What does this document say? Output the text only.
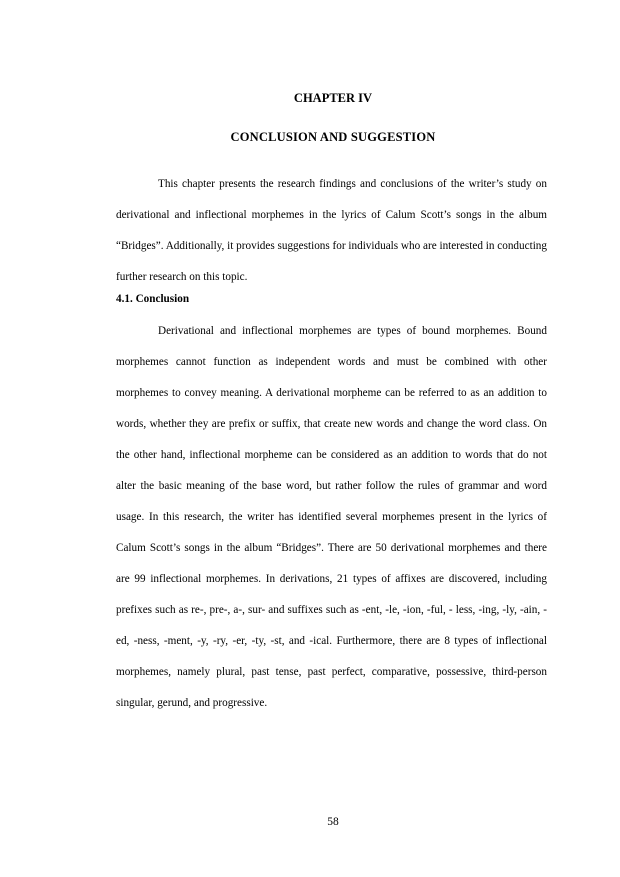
CHAPTER IV
CONCLUSION AND SUGGESTION

This chapter presents the research findings and conclusions of the writer’s study on derivational and inflectional morphemes in the lyrics of Calum Scott’s songs in the album “Bridges”. Additionally, it provides suggestions for individuals who are interested in conducting further research on this topic.

4.1. Conclusion

Derivational and inflectional morphemes are types of bound morphemes. Bound morphemes cannot function as independent words and must be combined with other morphemes to convey meaning. A derivational morpheme can be referred to as an addition to words, whether they are prefix or suffix, that create new words and change the word class. On the other hand, inflectional morpheme can be considered as an addition to words that do not alter the basic meaning of the base word, but rather follow the rules of grammar and word usage. In this research, the writer has identified several morphemes present in the lyrics of Calum Scott’s songs in the album “Bridges”. There are 50 derivational morphemes and there are 99 inflectional morphemes. In derivations, 21 types of affixes are discovered, including prefixes such as re-, pre-, a-, sur- and suffixes such as -ent, -le, -ion, -ful, - less, -ing, -ly, -ain, -ed, -ness, -ment, -y, -ry, -er, -ty, -st, and -ical. Furthermore, there are 8 types of inflectional morphemes, namely plural, past tense, past perfect, comparative, possessive, third-person singular, gerund, and progressive.

58
